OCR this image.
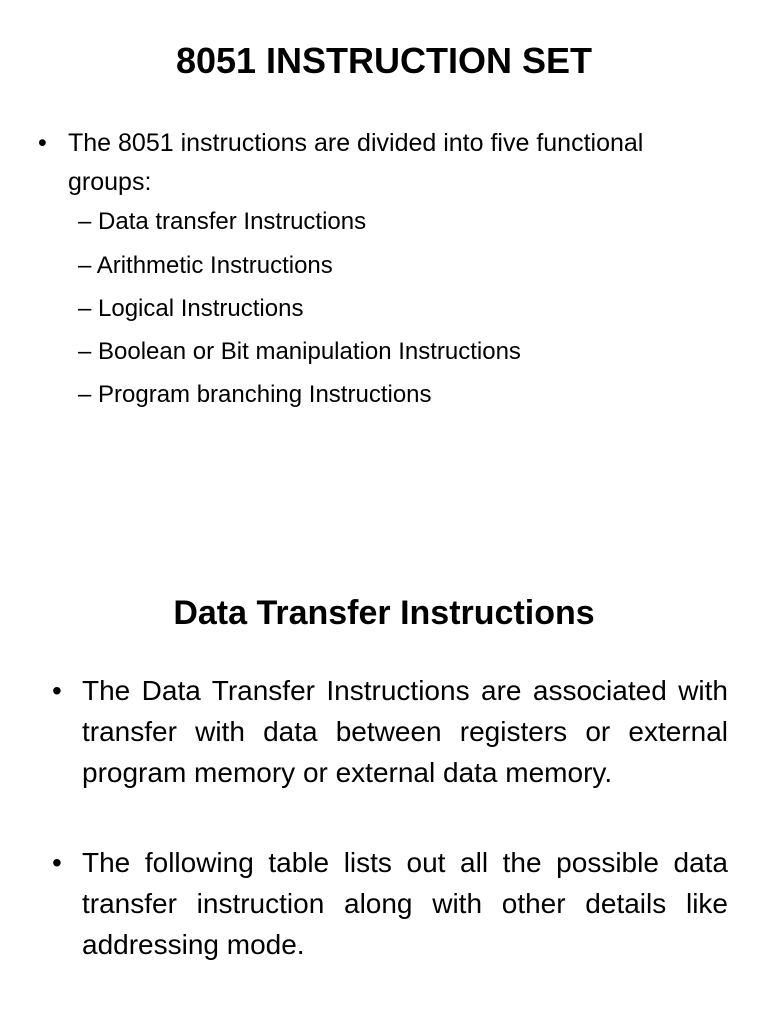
8051 INSTRUCTION SET
• The 8051 instructions are divided into five functional groups:
– Data transfer Instructions
– Arithmetic Instructions
– Logical Instructions
– Boolean or Bit manipulation Instructions
– Program branching Instructions
Data Transfer Instructions
• The Data Transfer Instructions are associated with transfer with data between registers or external program memory or external data memory.
• The following table lists out all the possible data transfer instruction along with other details like addressing mode.
